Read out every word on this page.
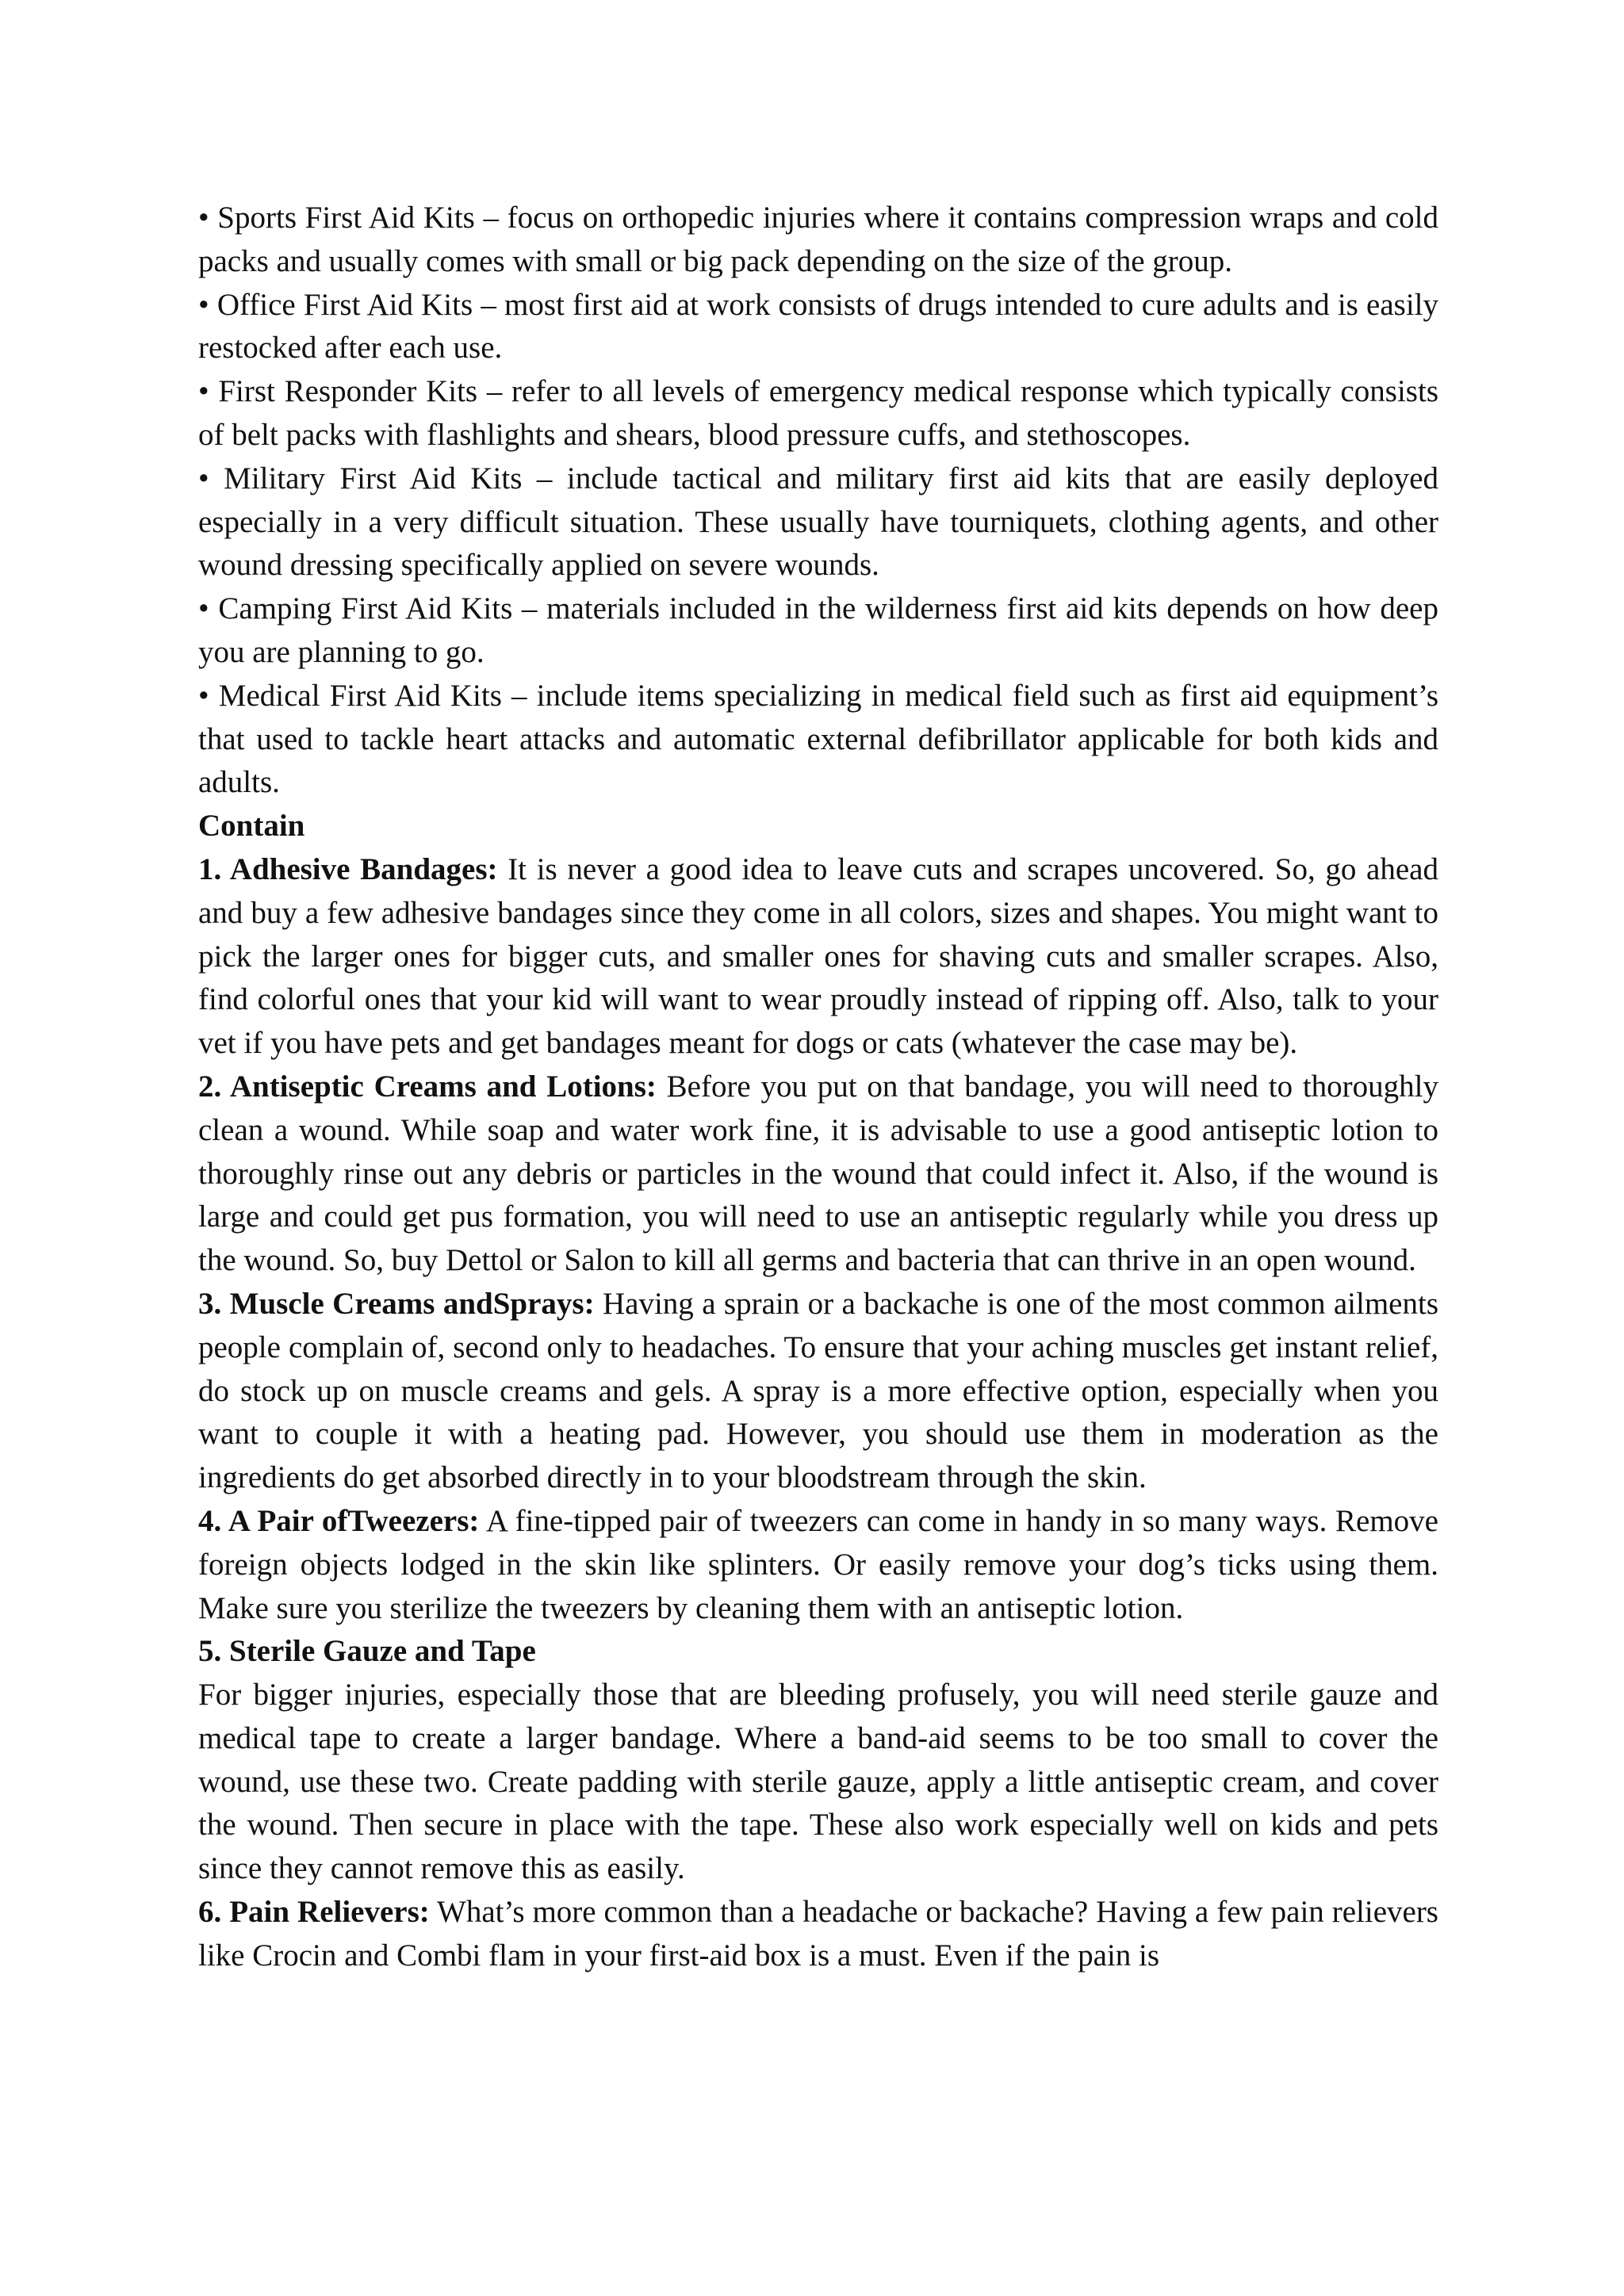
• Sports First Aid Kits – focus on orthopedic injuries where it contains compression wraps and cold packs and usually comes with small or big pack depending on the size of the group.

• Office First Aid Kits – most first aid at work consists of drugs intended to cure adults and is easily restocked after each use.

• First Responder Kits – refer to all levels of emergency medical response which typically consists of belt packs with flashlights and shears, blood pressure cuffs, and stethoscopes.

• Military First Aid Kits – include tactical and military first aid kits that are easily deployed especially in a very difficult situation. These usually have tourniquets, clothing agents, and other wound dressing specifically applied on severe wounds.

• Camping First Aid Kits – materials included in the wilderness first aid kits depends on how deep you are planning to go.

• Medical First Aid Kits – include items specializing in medical field such as first aid equipment’s that used to tackle heart attacks and automatic external defibrillator applicable for both kids and adults.

Contain

1. Adhesive Bandages: It is never a good idea to leave cuts and scrapes uncovered. So, go ahead and buy a few adhesive bandages since they come in all colors, sizes and shapes. You might want to pick the larger ones for bigger cuts, and smaller ones for shaving cuts and smaller scrapes. Also, find colorful ones that your kid will want to wear proudly instead of ripping off. Also, talk to your vet if you have pets and get bandages meant for dogs or cats (whatever the case may be).

2. Antiseptic Creams and Lotions: Before you put on that bandage, you will need to thoroughly clean a wound. While soap and water work fine, it is advisable to use a good antiseptic lotion to thoroughly rinse out any debris or particles in the wound that could infect it. Also, if the wound is large and could get pus formation, you will need to use an antiseptic regularly while you dress up the wound. So, buy Dettol or Salon to kill all germs and bacteria that can thrive in an open wound.

3. Muscle Creams andSprays: Having a sprain or a backache is one of the most common ailments people complain of, second only to headaches. To ensure that your aching muscles get instant relief, do stock up on muscle creams and gels. A spray is a more effective option, especially when you want to couple it with a heating pad. However, you should use them in moderation as the ingredients do get absorbed directly in to your bloodstream through the skin.

4. A Pair ofTweezers: A fine-tipped pair of tweezers can come in handy in so many ways. Remove foreign objects lodged in the skin like splinters. Or easily remove your dog’s ticks using them. Make sure you sterilize the tweezers by cleaning them with an antiseptic lotion.

5. Sterile Gauze and Tape

For bigger injuries, especially those that are bleeding profusely, you will need sterile gauze and medical tape to create a larger bandage. Where a band-aid seems to be too small to cover the wound, use these two. Create padding with sterile gauze, apply a little antiseptic cream, and cover the wound. Then secure in place with the tape. These also work especially well on kids and pets since they cannot remove this as easily.

6. Pain Relievers: What’s more common than a headache or backache? Having a few pain relievers like Crocin and Combi flam in your first-aid box is a must. Even if the pain is
